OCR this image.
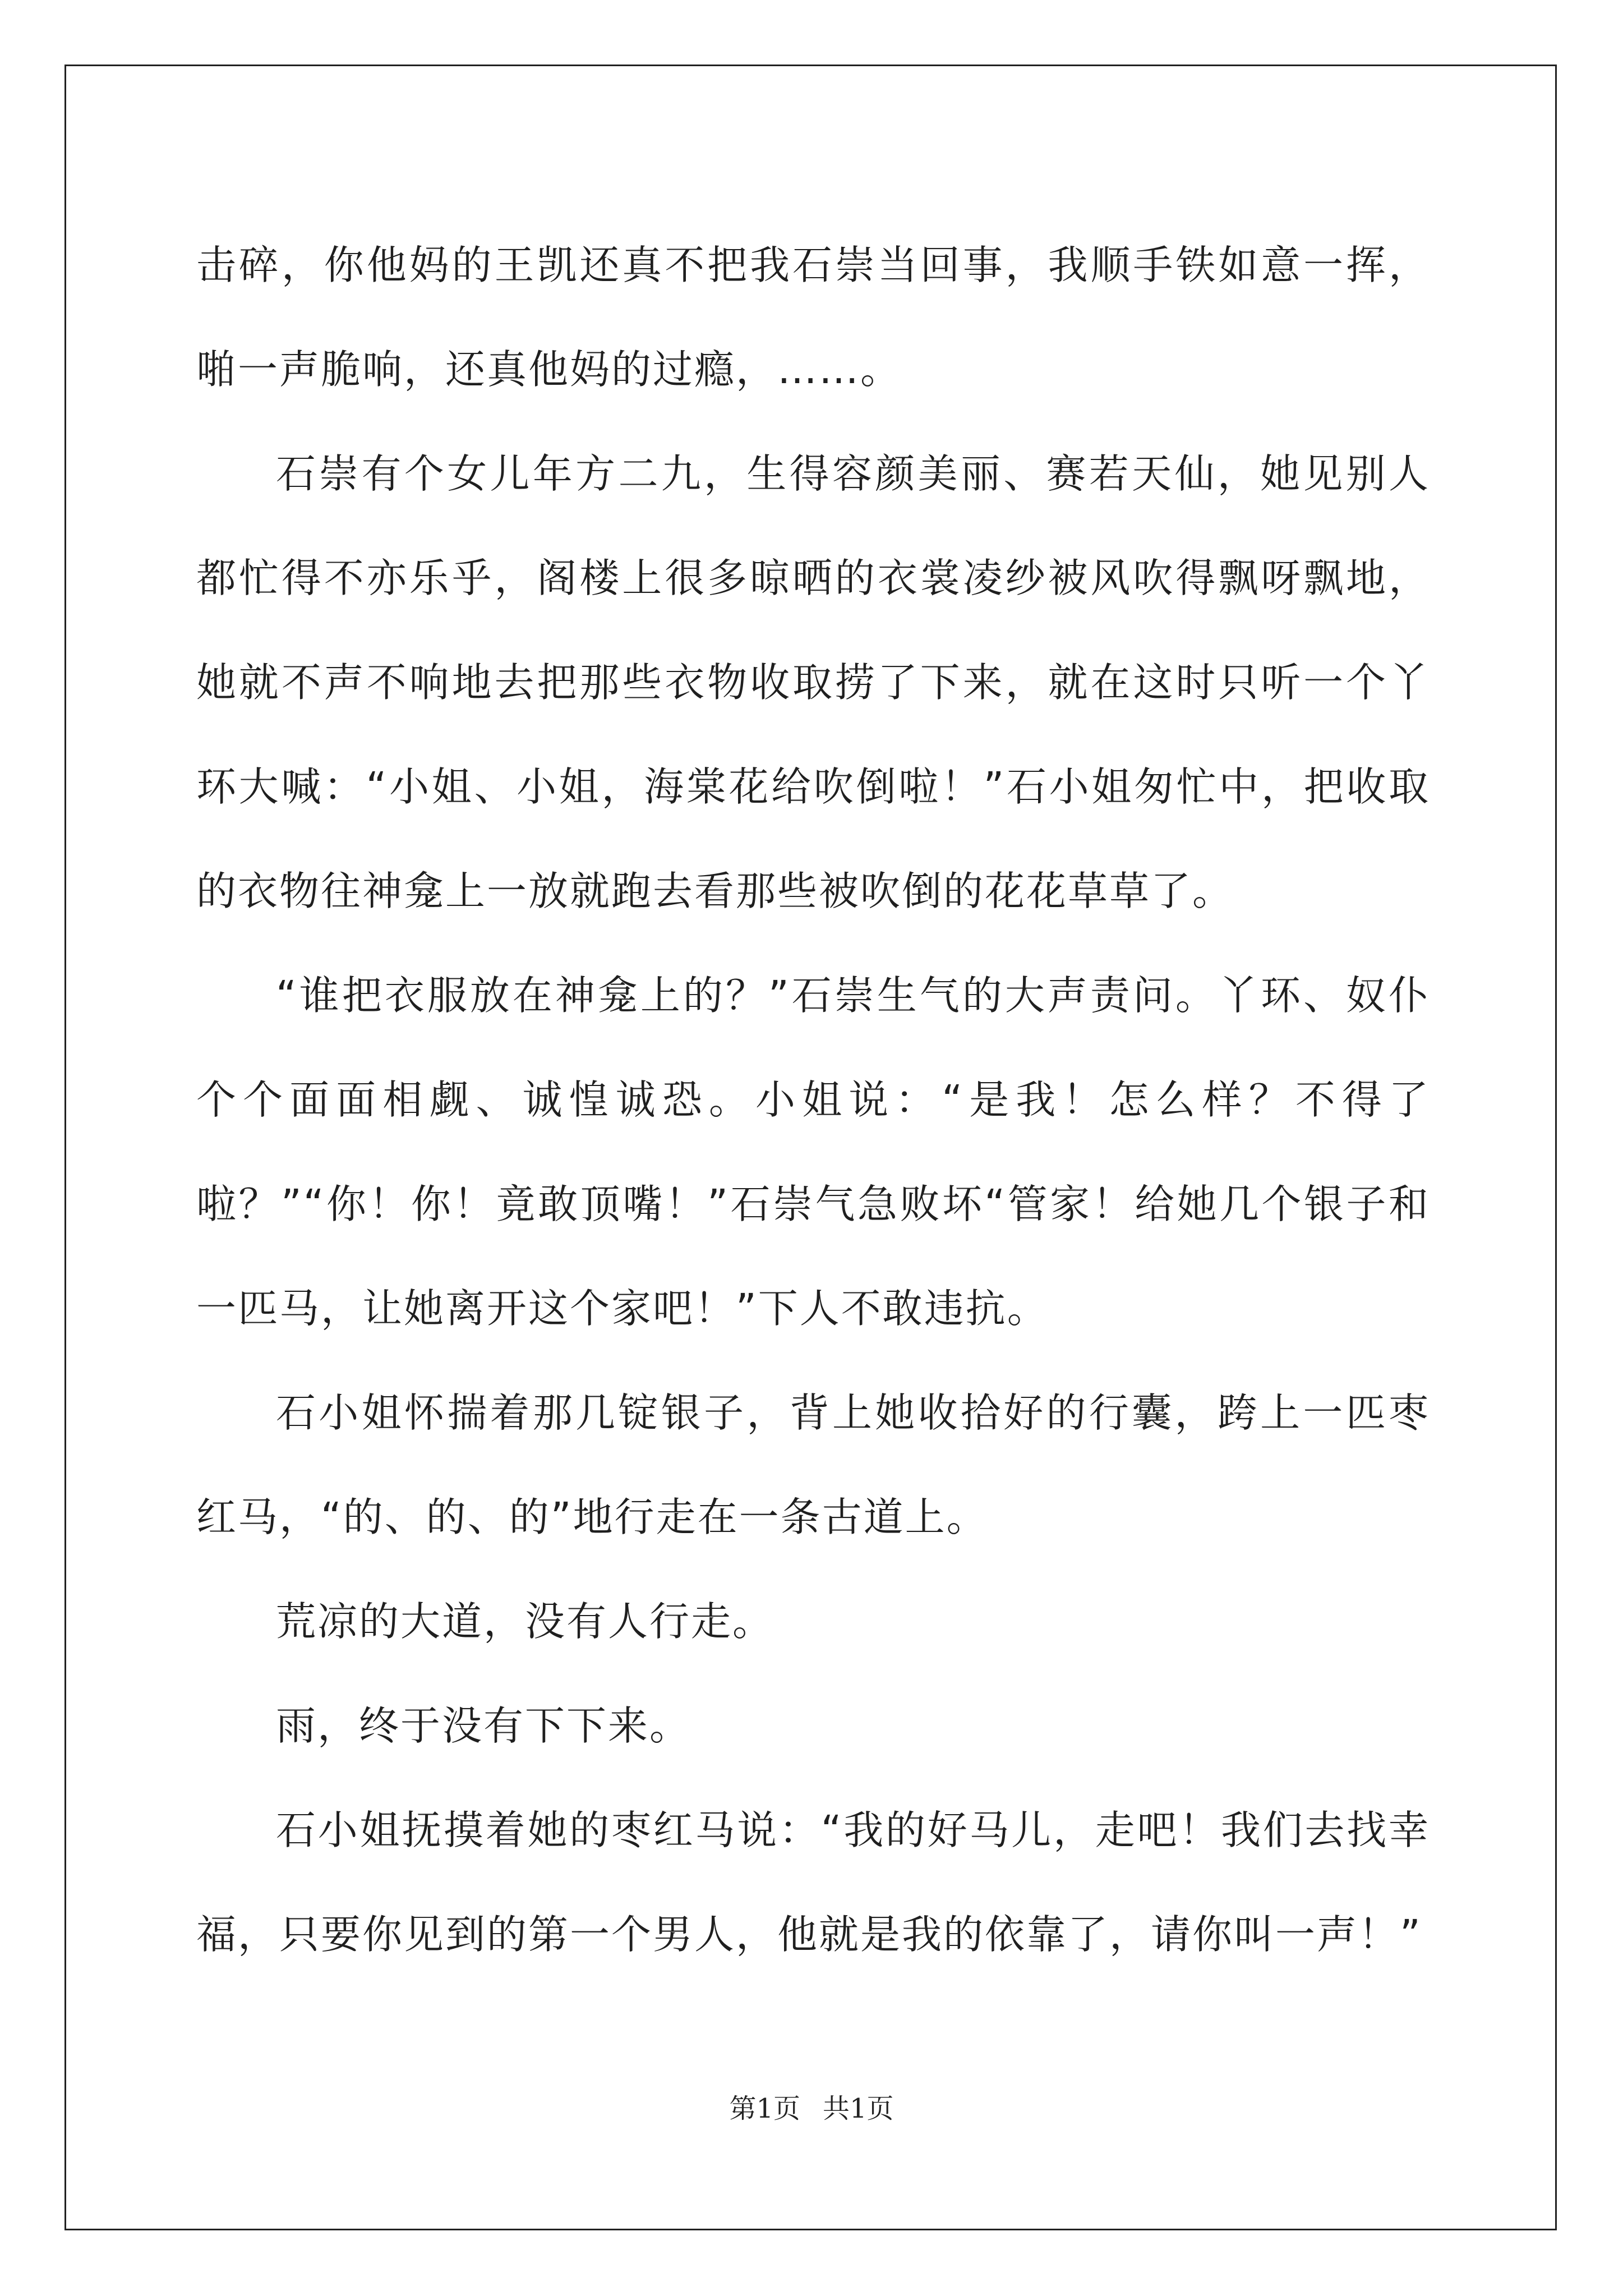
击碎，你他妈的王凯还真不把我石崇当回事，我顺手铁如意一挥，啪一声脆响，还真他妈的过瘾，……。

石崇有个女儿年方二九，生得容颜美丽、赛若天仙，她见别人都忙得不亦乐乎，阁楼上很多晾晒的衣裳凌纱被风吹得飘呀飘地，她就不声不响地去把那些衣物收取捞了下来，就在这时只听一个丫环大喊：“小姐、小姐，海棠花给吹倒啦！”石小姐匆忙中，把收取的衣物往神龛上一放就跑去看那些被吹倒的花花草草了。

“谁把衣服放在神龛上的？”石崇生气的大声责问。丫环、奴仆个个面面相觑、诚惶诚恐。小姐说：“是我！怎么样？不得了啦？”“你！你！竟敢顶嘴！”石崇气急败坏“管家！给她几个银子和一匹马，让她离开这个家吧！”下人不敢违抗。

石小姐怀揣着那几锭银子，背上她收拾好的行囊，跨上一匹枣红马，“的、的、的”地行走在一条古道上。

荒凉的大道，没有人行走。

雨，终于没有下下来。

石小姐抚摸着她的枣红马说：“我的好马儿，走吧！我们去找幸福，只要你见到的第一个男人，他就是我的依靠了，请你叫一声！”

第1页 共1页
